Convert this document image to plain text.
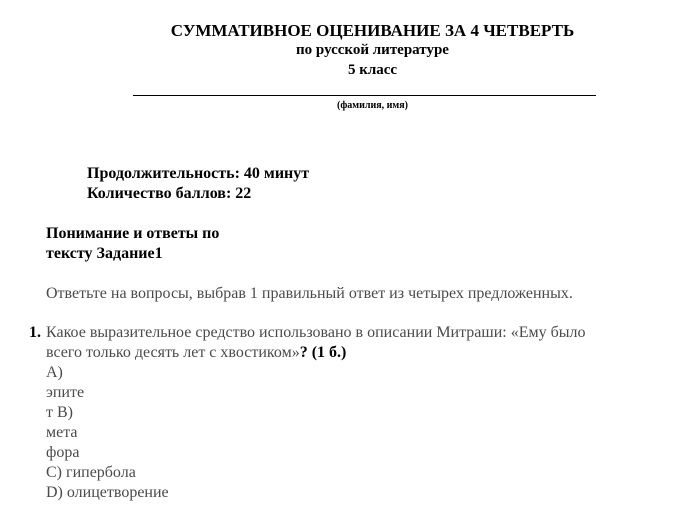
СУММАТИВНОЕ ОЦЕНИВАНИЕ ЗА 4 ЧЕТВЕРТЬ
по русской литературе
5 класс
(фамилия, имя)
Продолжительность: 40 минут
Количество баллов: 22
Понимание и ответы по
тексту Задание1
Ответьте на вопросы, выбрав 1 правильный ответ из четырех предложенных.
1. Какое выразительное средство использовано в описании Митраши: «Ему было
всего только десять лет с хвостиком»? (1 б.)
A)
эпите
т B)
мета
фора
C) гипербола
D) олицетворение
